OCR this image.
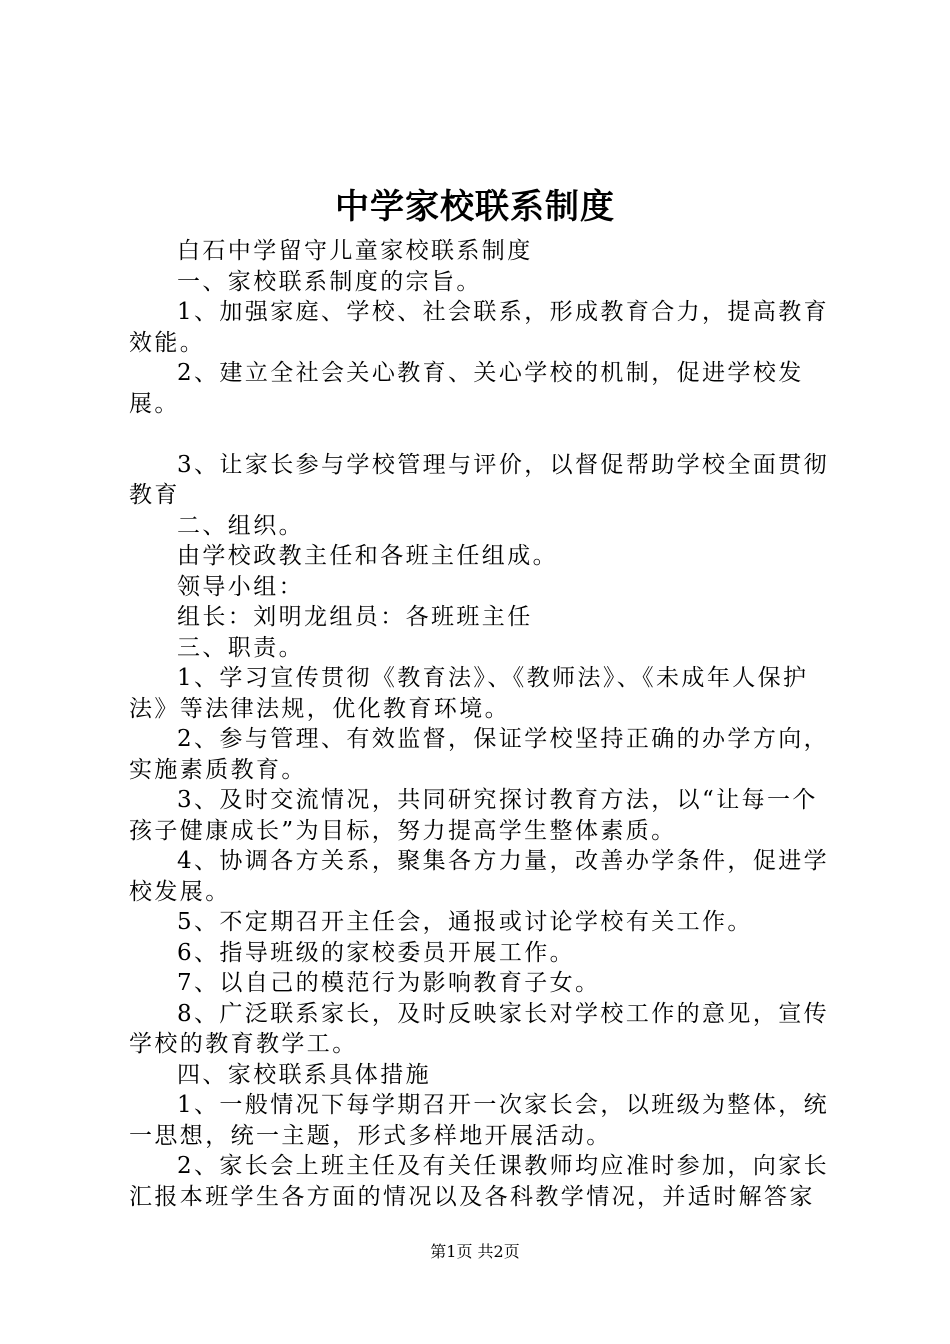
中学家校联系制度

白石中学留守儿童家校联系制度

一、家校联系制度的宗旨。

1、加强家庭、学校、社会联系，形成教育合力，提高教育效能。

2、建立全社会关心教育、关心学校的机制，促进学校发展。

3、让家长参与学校管理与评价，以督促帮助学校全面贯彻教育

二、组织。

由学校政教主任和各班主任组成。

领导小组：

组长：刘明龙组员：各班班主任

三、职责。

1、学习宣传贯彻《教育法》、《教师法》、《未成年人保护法》等法律法规，优化教育环境。

2、参与管理、有效监督，保证学校坚持正确的办学方向，实施素质教育。

3、及时交流情况，共同研究探讨教育方法，以“让每一个孩子健康成长”为目标，努力提高学生整体素质。

4、协调各方关系，聚集各方力量，改善办学条件，促进学校发展。

5、不定期召开主任会，通报或讨论学校有关工作。

6、指导班级的家校委员开展工作。

7、以自己的模范行为影响教育子女。

8、广泛联系家长，及时反映家长对学校工作的意见，宣传学校的教育教学工。

四、家校联系具体措施

1、一般情况下每学期召开一次家长会，以班级为整体，统一思想，统一主题，形式多样地开展活动。

2、家长会上班主任及有关任课教师均应准时参加，向家长汇报本班学生各方面的情况以及各科教学情况，并适时解答家

第1页 共2页
